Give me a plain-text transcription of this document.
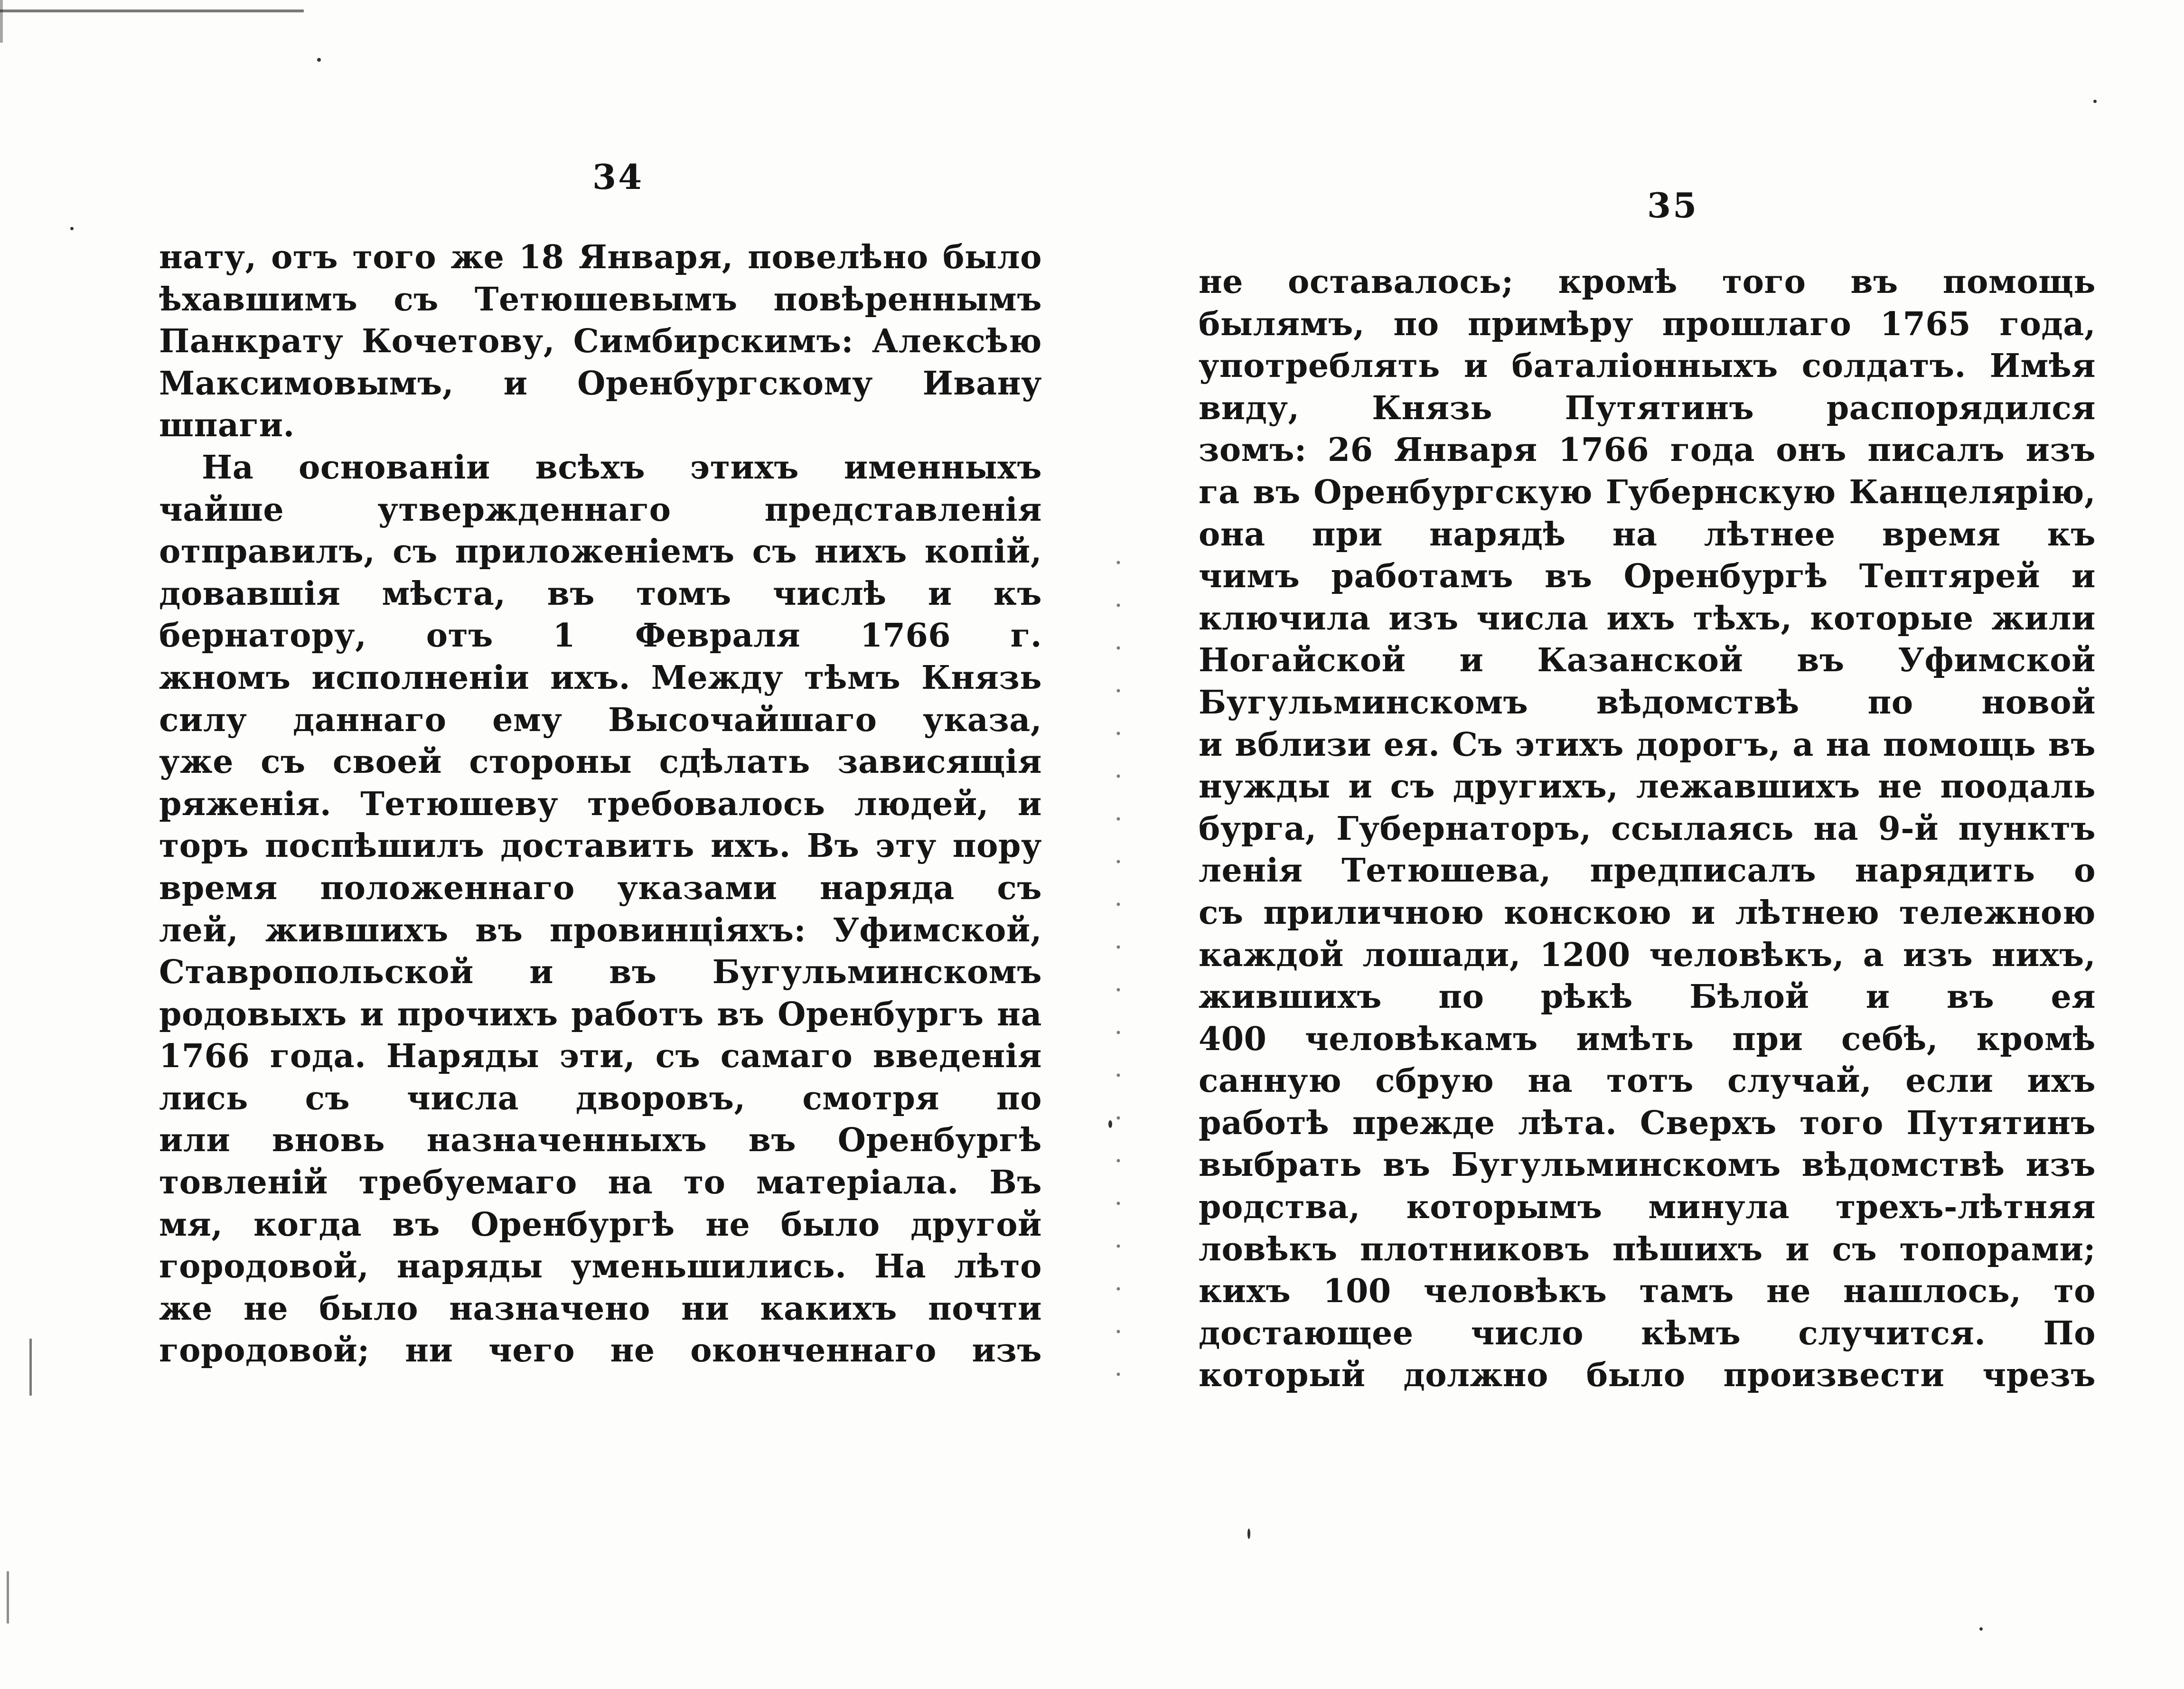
34
нату, отъ того же 18 Января, повелѣно было
ѣхавшимъ съ Тетюшевымъ повѣреннымъ
Панкрату Кочетову, Симбирскимъ: Алексѣю
Максимовымъ, и Оренбургскому Ивану
шпаги.
На основаніи всѣхъ этихъ именныхъ
чайше утвержденнаго представленія
отправилъ, съ приложеніемъ съ нихъ копій,
довавшія мѣста, въ томъ числѣ и къ
бернатору, отъ 1 Февраля 1766 г.
жномъ исполненіи ихъ. Между тѣмъ Князь
силу даннаго ему Высочайшаго указа,
уже съ своей стороны сдѣлать зависящія
ряженія. Тетюшеву требовалось людей, и
торъ поспѣшилъ доставить ихъ. Въ эту пору
время положеннаго указами наряда съ
лей, жившихъ въ провинціяхъ: Уфимской,
Ставропольской и въ Бугульминскомъ
родовыхъ и прочихъ работъ въ Оренбургъ на
1766 года. Наряды эти, съ самаго введенія
лись съ числа дворовъ, смотря по
или вновь назначенныхъ въ Оренбургѣ
товленій требуемаго на то матеріала. Въ
мя, когда въ Оренбургѣ не было другой
городовой, наряды уменьшились. На лѣто
же не было назначено ни какихъ почти
городовой; ни чего не оконченнаго изъ
35
не оставалось; кромѣ того въ помощь
былямъ, по примѣру прошлаго 1765 года,
употреблять и баталіонныхъ солдатъ. Имѣя
виду, Князь Путятинъ распорядился
зомъ: 26 Января 1766 года онъ писалъ изъ
га въ Оренбургскую Губернскую Канцелярію,
она при нарядѣ на лѣтнее время къ
чимъ работамъ въ Оренбургѣ Тептярей и
ключила изъ числа ихъ тѣхъ, которые жили
Ногайской и Казанской въ Уфимской
Бугульминскомъ вѣдомствѣ по новой
и вблизи ея. Съ этихъ дорогъ, а на помощь въ
нужды и съ другихъ, лежавшихъ не поодаль
бурга, Губернаторъ, ссылаясь на 9-й пунктъ
ленія Тетюшева, предписалъ нарядить о
съ приличною конскою и лѣтнею тележною
каждой лошади, 1200 человѣкъ, а изъ нихъ,
жившихъ по рѣкѣ Бѣлой и въ ея
400 человѣкамъ имѣть при себѣ, кромѣ
санную сбрую на тотъ случай, если ихъ
работѣ прежде лѣта. Сверхъ того Путятинъ
выбрать въ Бугульминскомъ вѣдомствѣ изъ
родства, которымъ минула трехъ-лѣтняя
ловѣкъ плотниковъ пѣшихъ и съ топорами;
кихъ 100 человѣкъ тамъ не нашлось, то
достающее число кѣмъ случится. По
который должно было произвести чрезъ
